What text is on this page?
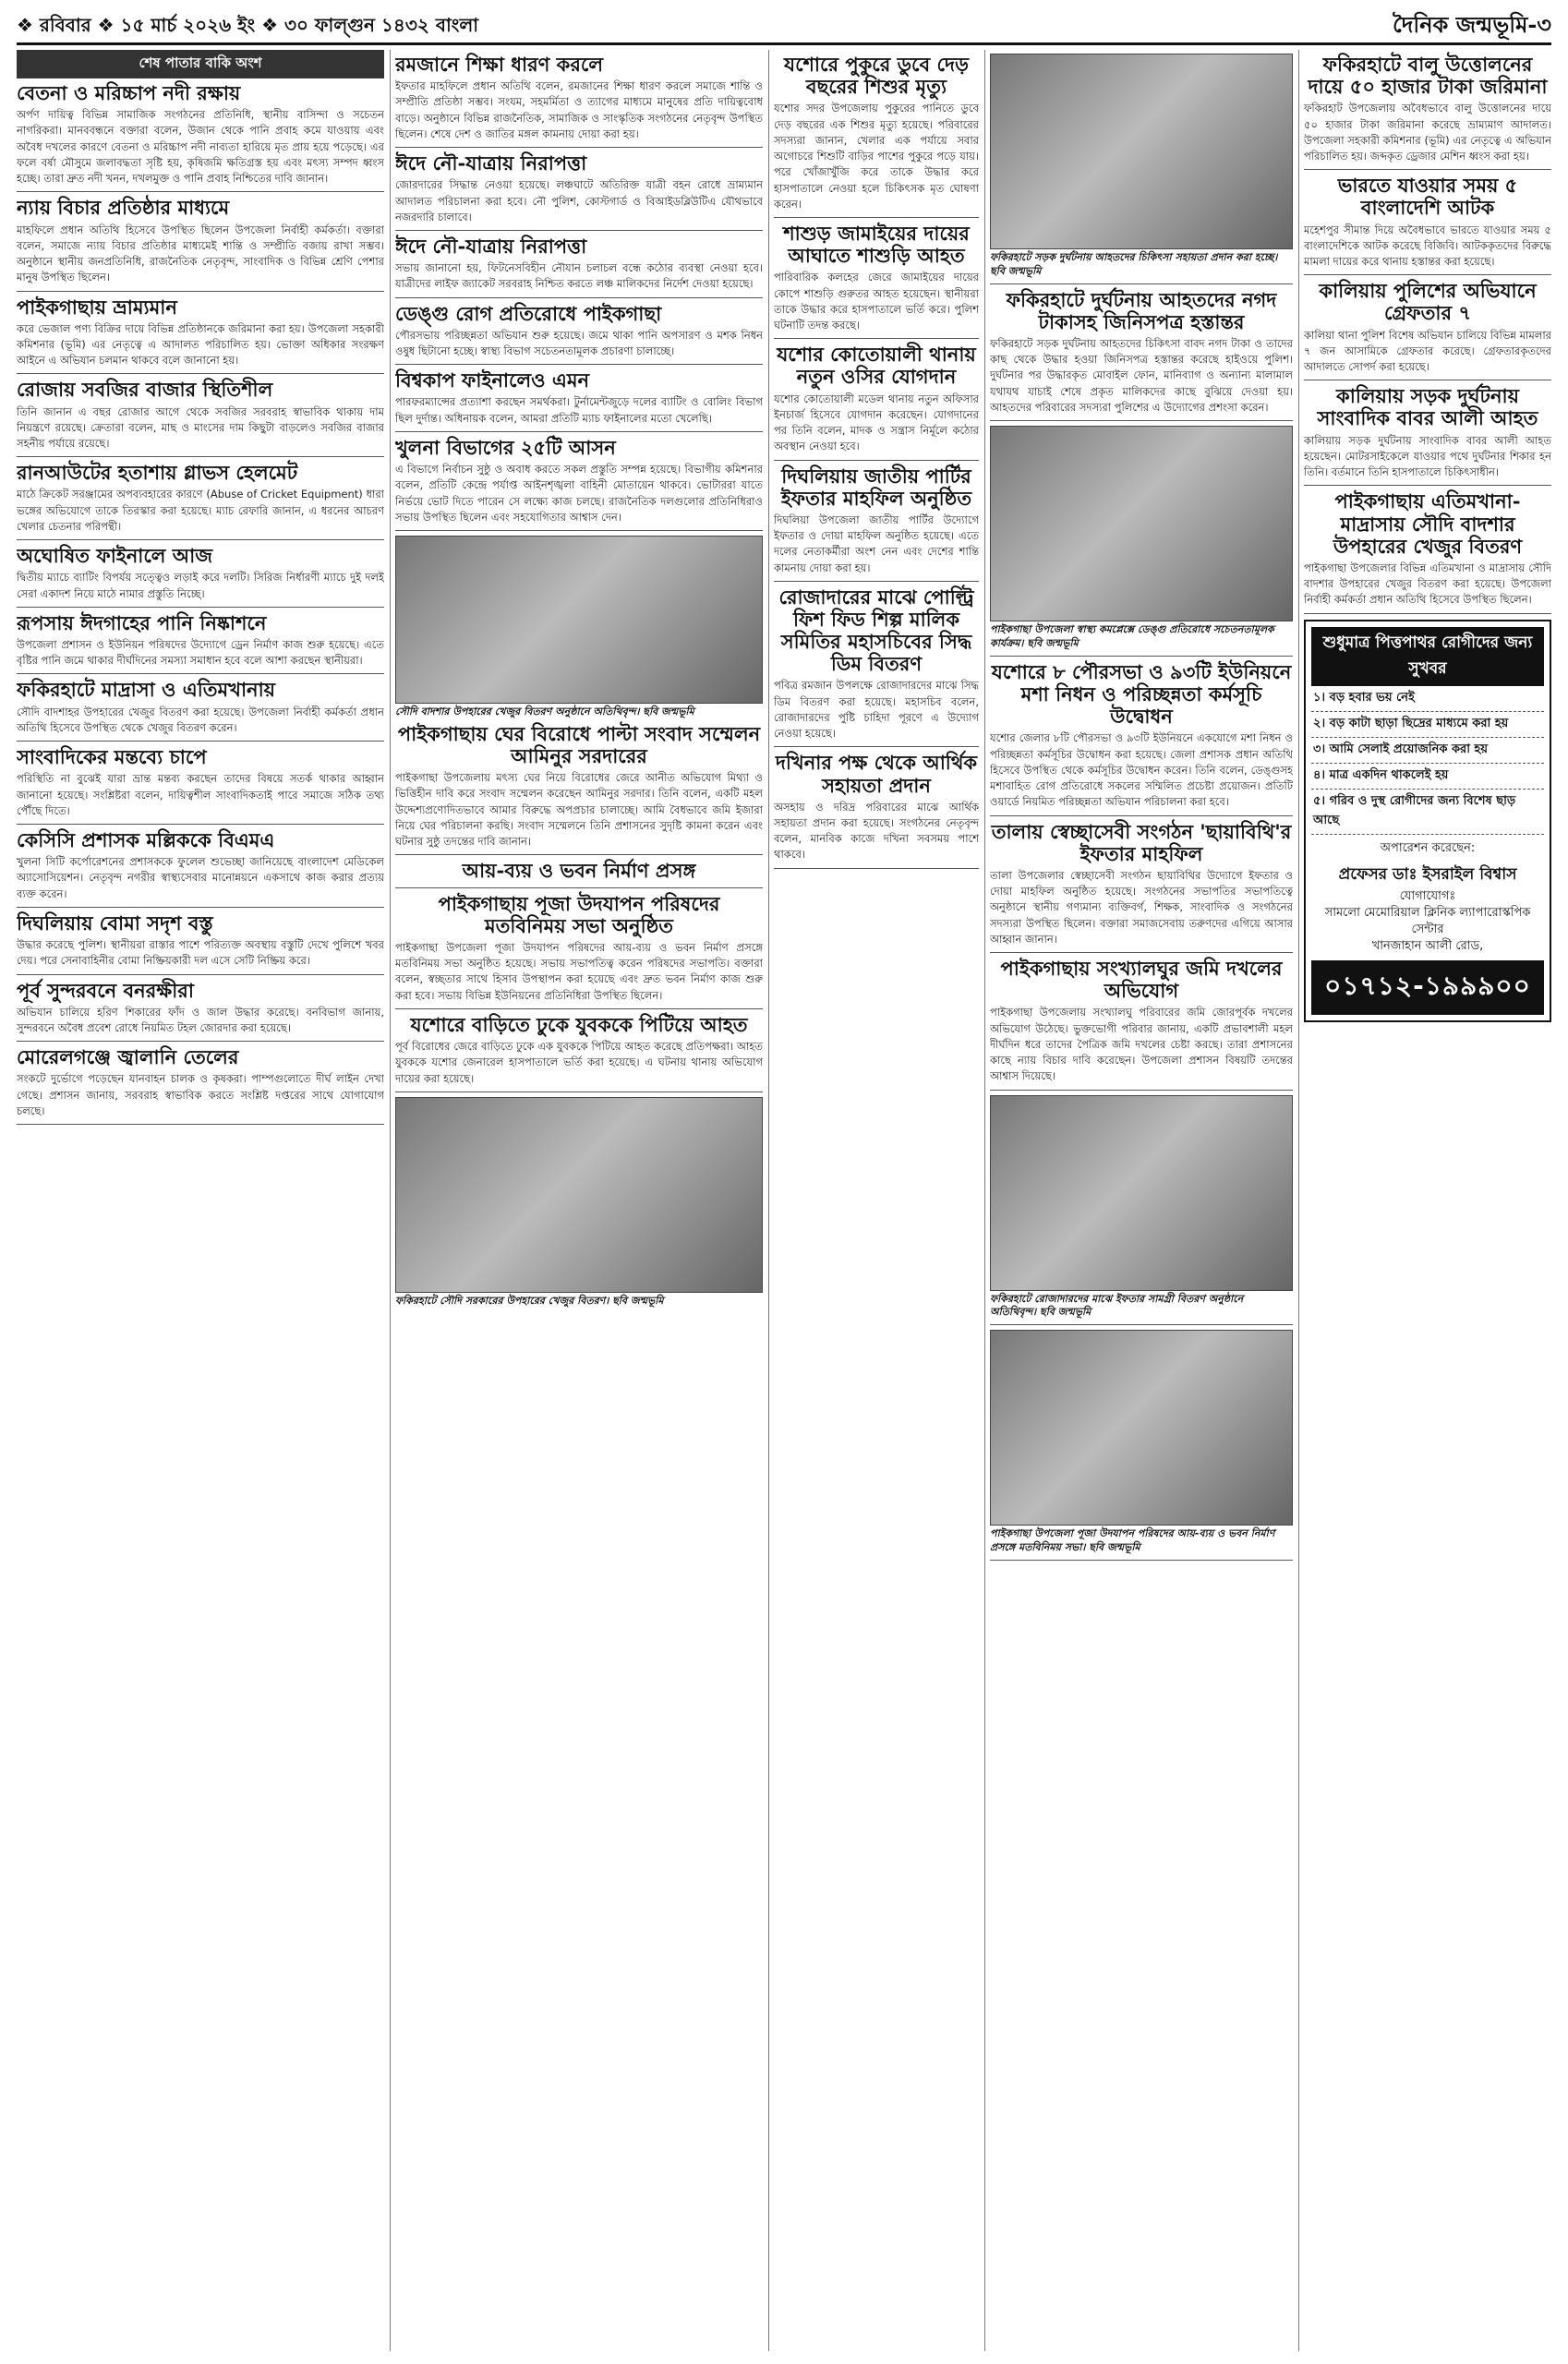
❖ রবিবার ❖ ১৫ মার্চ ২০২৬ ইং ❖ ৩০ ফাল্গুন ১৪৩২ বাংলা	দৈনিক জন্মভূমি-৩
শেষ পাতার বাকি অংশ
বেতনা ও মরিচ্চাপ নদী রক্ষায়

অর্পণ দায়িত্ব বিভিন্ন সামাজিক সংগঠনের প্রতিনিধি, স্থানীয় বাসিন্দা ও সচেতন নাগরিকরা। মানববন্ধনে বক্তারা বলেন, উজান থেকে পানি প্রবাহ কমে যাওয়ায় এবং অবৈধ দখলের কারণে বেতনা ও মরিচ্চাপ নদী নাব্যতা হারিয়ে মৃত প্রায় হয়ে পড়েছে। এর ফলে বর্ষা মৌসুমে জলাবদ্ধতা সৃষ্টি হয়, কৃষিজমি ক্ষতিগ্রস্ত হয় এবং মৎস্য সম্পদ ধ্বংস হচ্ছে। তারা দ্রুত নদী খনন, দখলমুক্ত ও পানি প্রবাহ নিশ্চিতের দাবি জানান।

ন্যায় বিচার প্রতিষ্ঠার মাধ্যমে

মাহফিলে প্রধান অতিথি হিসেবে উপস্থিত ছিলেন উপজেলা নির্বাহী কর্মকর্তা। বক্তারা বলেন, সমাজে ন্যায় বিচার প্রতিষ্ঠার মাধ্যমেই শান্তি ও সম্প্রীতি বজায় রাখা সম্ভব। অনুষ্ঠানে স্থানীয় জনপ্রতিনিধি, রাজনৈতিক নেতৃবৃন্দ, সাংবাদিক ও বিভিন্ন শ্রেণি পেশার মানুষ উপস্থিত ছিলেন।

পাইকগাছায় ভ্রাম্যমান

করে ভেজাল পণ্য বিক্রির দায়ে বিভিন্ন প্রতিষ্ঠানকে জরিমানা করা হয়। উপজেলা সহকারী কমিশনার (ভূমি) এর নেতৃত্বে এ আদালত পরিচালিত হয়। ভোক্তা অধিকার সংরক্ষণ আইনে এ অভিযান চলমান থাকবে বলে জানানো হয়।

রোজায় সবজির বাজার স্থিতিশীল

তিনি জানান এ বছর রোজার আগে থেকে সবজির সরবরাহ স্বাভাবিক থাকায় দাম নিয়ন্ত্রণে রয়েছে। ক্রেতারা বলেন, মাছ ও মাংসের দাম কিছুটা বাড়লেও সবজির বাজার সহনীয় পর্যায়ে রয়েছে।

রানআউটের হতাশায় গ্লাভস হেলমেট

মাঠে ক্রিকেট সরঞ্জামের অপব্যবহারের কারণে (Abuse of Cricket Equipment) ধারা ভঙ্গের অভিযোগে তাকে তিরস্কার করা হয়েছে। ম্যাচ রেফারি জানান, এ ধরনের আচরণ খেলার চেতনার পরিপন্থী।

অঘোষিত ফাইনালে আজ

দ্বিতীয় ম্যাচে ব্যাটিং বিপর্যয় সত্ত্বেও লড়াই করে দলটি। সিরিজ নির্ধারণী ম্যাচে দুই দলই সেরা একাদশ নিয়ে মাঠে নামার প্রস্তুতি নিচ্ছে।

রূপসায় ঈদগাহের পানি নিষ্কাশনে

উপজেলা প্রশাসন ও ইউনিয়ন পরিষদের উদ্যোগে ড্রেন নির্মাণ কাজ শুরু হয়েছে। এতে বৃষ্টির পানি জমে থাকার দীর্ঘদিনের সমস্যা সমাধান হবে বলে আশা করছেন স্থানীয়রা।

ফকিরহাটে মাদ্রাসা ও এতিমখানায়

সৌদি বাদশাহর উপহারের খেজুর বিতরণ করা হয়েছে। উপজেলা নির্বাহী কর্মকর্তা প্রধান অতিথি হিসেবে উপস্থিত থেকে খেজুর বিতরণ করেন।

সাংবাদিকের মন্তব্যে চাপে

পরিস্থিতি না বুঝেই যারা ভ্রান্ত মন্তব্য করছেন তাদের বিষয়ে সতর্ক থাকার আহ্বান জানানো হয়েছে। সংশ্লিষ্টরা বলেন, দায়িত্বশীল সাংবাদিকতাই পারে সমাজে সঠিক তথ্য পৌঁছে দিতে।

কেসিসি প্রশাসক মল্লিককে বিএমএ

খুলনা সিটি কর্পোরেশনের প্রশাসককে ফুলেল শুভেচ্ছা জানিয়েছে বাংলাদেশ মেডিকেল অ্যাসোসিয়েশন। নেতৃবৃন্দ নগরীর স্বাস্থ্যসেবার মানোন্নয়নে একসাথে কাজ করার প্রত্যয় ব্যক্ত করেন।

দিঘলিয়ায় বোমা সদৃশ বস্তু

উদ্ধার করেছে পুলিশ। স্থানীয়রা রাস্তার পাশে পরিত্যক্ত অবস্থায় বস্তুটি দেখে পুলিশে খবর দেয়। পরে সেনাবাহিনীর বোমা নিষ্ক্রিয়কারী দল এসে সেটি নিষ্ক্রিয় করে।

পূর্ব সুন্দরবনে বনরক্ষীরা

অভিযান চালিয়ে হরিণ শিকারের ফাঁদ ও জাল উদ্ধার করেছে। বনবিভাগ জানায়, সুন্দরবনে অবৈধ প্রবেশ রোধে নিয়মিত টহল জোরদার করা হয়েছে।

মোরেলগঞ্জে জ্বালানি তেলের

সংকটে দুর্ভোগে পড়েছেন যানবাহন চালক ও কৃষকরা। পাম্পগুলোতে দীর্ঘ লাইন দেখা গেছে। প্রশাসন জানায়, সরবরাহ স্বাভাবিক করতে সংশ্লিষ্ট দপ্তরের সাথে যোগাযোগ চলছে।

রমজানে শিক্ষা ধারণ করলে

ইফতার মাহফিলে প্রধান অতিথি বলেন, রমজানের শিক্ষা ধারণ করলে সমাজে শান্তি ও সম্প্রীতি প্রতিষ্ঠা সম্ভব। সংযম, সহমর্মিতা ও ত্যাগের মাধ্যমে মানুষের প্রতি দায়িত্ববোধ বাড়ে। অনুষ্ঠানে বিভিন্ন রাজনৈতিক, সামাজিক ও সাংস্কৃতিক সংগঠনের নেতৃবৃন্দ উপস্থিত ছিলেন। শেষে দেশ ও জাতির মঙ্গল কামনায় দোয়া করা হয়।

ঈদে নৌ-যাত্রায় নিরাপত্তা

জোরদারের সিদ্ধান্ত নেওয়া হয়েছে। লঞ্চঘাটে অতিরিক্ত যাত্রী বহন রোধে ভ্রাম্যমান আদালত পরিচালনা করা হবে। নৌ পুলিশ, কোস্টগার্ড ও বিআইডব্লিউটিএ যৌথভাবে নজরদারি চালাবে।

ঈদে নৌ-যাত্রায় নিরাপত্তা

সভায় জানানো হয়, ফিটনেসবিহীন নৌযান চলাচল বন্ধে কঠোর ব্যবস্থা নেওয়া হবে। যাত্রীদের লাইফ জ্যাকেট সরবরাহ নিশ্চিত করতে লঞ্চ মালিকদের নির্দেশ দেওয়া হয়েছে।

ডেঙ্গু রোগ প্রতিরোধে পাইকগাছা

পৌরসভায় পরিচ্ছন্নতা অভিযান শুরু হয়েছে। জমে থাকা পানি অপসারণ ও মশক নিধন ওষুধ ছিটানো হচ্ছে। স্বাস্থ্য বিভাগ সচেতনতামূলক প্রচারণা চালাচ্ছে।

বিশ্বকাপ ফাইনালেও এমন

পারফরম্যান্সের প্রত্যাশা করছেন সমর্থকরা। টুর্নামেন্টজুড়ে দলের ব্যাটিং ও বোলিং বিভাগ ছিল দুর্দান্ত। অধিনায়ক বলেন, আমরা প্রতিটি ম্যাচ ফাইনালের মতো খেলেছি।

খুলনা বিভাগের ২৫টি আসন

এ বিভাগে নির্বাচন সুষ্ঠু ও অবাধ করতে সকল প্রস্তুতি সম্পন্ন হয়েছে। বিভাগীয় কমিশনার বলেন, প্রতিটি কেন্দ্রে পর্যাপ্ত আইনশৃঙ্খলা বাহিনী মোতায়েন থাকবে। ভোটাররা যাতে নির্ভয়ে ভোট দিতে পারেন সে লক্ষ্যে কাজ চলছে। রাজনৈতিক দলগুলোর প্রতিনিধিরাও সভায় উপস্থিত ছিলেন এবং সহযোগিতার আশ্বাস দেন।

সৌদি বাদশার উপহারের খেজুর বিতরণ অনুষ্ঠানে অতিথিবৃন্দ। ছবি জন্মভূমি
পাইকগাছায় ঘের বিরোধে পাল্টা সংবাদ সম্মেলন আমিনুর সরদারের

পাইকগাছা উপজেলায় মৎস্য ঘের নিয়ে বিরোধের জেরে আনীত অভিযোগ মিথ্যা ও ভিত্তিহীন দাবি করে সংবাদ সম্মেলন করেছেন আমিনুর সরদার। তিনি বলেন, একটি মহল উদ্দেশ্যপ্রণোদিতভাবে আমার বিরুদ্ধে অপপ্রচার চালাচ্ছে। আমি বৈধভাবে জমি ইজারা নিয়ে ঘের পরিচালনা করছি। সংবাদ সম্মেলনে তিনি প্রশাসনের সুদৃষ্টি কামনা করেন এবং ঘটনার সুষ্ঠু তদন্তের দাবি জানান।

আয়-ব্যয় ও ভবন নির্মাণ প্রসঙ্গ
পাইকগাছায় পূজা উদযাপন পরিষদের মতবিনিময় সভা অনুষ্ঠিত

পাইকগাছা উপজেলা পূজা উদযাপন পরিষদের আয়-ব্যয় ও ভবন নির্মাণ প্রসঙ্গে মতবিনিময় সভা অনুষ্ঠিত হয়েছে। সভায় সভাপতিত্ব করেন পরিষদের সভাপতি। বক্তারা বলেন, স্বচ্ছতার সাথে হিসাব উপস্থাপন করা হয়েছে এবং দ্রুত ভবন নির্মাণ কাজ শুরু করা হবে। সভায় বিভিন্ন ইউনিয়নের প্রতিনিধিরা উপস্থিত ছিলেন।

যশোরে বাড়িতে ঢুকে যুবককে পিটিয়ে আহত

পূর্ব বিরোধের জেরে বাড়িতে ঢুকে এক যুবককে পিটিয়ে আহত করেছে প্রতিপক্ষরা। আহত যুবককে যশোর জেনারেল হাসপাতালে ভর্তি করা হয়েছে। এ ঘটনায় থানায় অভিযোগ দায়ের করা হয়েছে।

ফকিরহাটে সৌদি সরকারের উপহারের খেজুর বিতরণ। ছবি জন্মভূমি
যশোরে পুকুরে ডুবে দেড় বছরের শিশুর মৃত্যু

যশোর সদর উপজেলায় পুকুরের পানিতে ডুবে দেড় বছরের এক শিশুর মৃত্যু হয়েছে। পরিবারের সদস্যরা জানান, খেলার এক পর্যায়ে সবার অগোচরে শিশুটি বাড়ির পাশের পুকুরে পড়ে যায়। পরে খোঁজাখুঁজি করে তাকে উদ্ধার করে হাসপাতালে নেওয়া হলে চিকিৎসক মৃত ঘোষণা করেন।

শাশুড় জামাইয়ের দায়ের আঘাতে শাশুড়ি আহত

পারিবারিক কলহের জেরে জামাইয়ের দায়ের কোপে শাশুড়ি গুরুতর আহত হয়েছেন। স্থানীয়রা তাকে উদ্ধার করে হাসপাতালে ভর্তি করে। পুলিশ ঘটনাটি তদন্ত করছে।

যশোর কোতোয়ালী থানায় নতুন ওসির যোগদান

যশোর কোতোয়ালী মডেল থানায় নতুন অফিসার ইনচার্জ হিসেবে যোগদান করেছেন। যোগদানের পর তিনি বলেন, মাদক ও সন্ত্রাস নির্মূলে কঠোর অবস্থান নেওয়া হবে।

দিঘলিয়ায় জাতীয় পার্টির ইফতার মাহফিল অনুষ্ঠিত

দিঘলিয়া উপজেলা জাতীয় পার্টির উদ্যোগে ইফতার ও দোয়া মাহফিল অনুষ্ঠিত হয়েছে। এতে দলের নেতাকর্মীরা অংশ নেন এবং দেশের শান্তি কামনায় দোয়া করা হয়।

রোজাদারের মাঝে পোল্ট্রি ফিশ ফিড শিল্প মালিক সমিতির মহাসচিবের সিদ্ধ ডিম বিতরণ

পবিত্র রমজান উপলক্ষে রোজাদারদের মাঝে সিদ্ধ ডিম বিতরণ করা হয়েছে। মহাসচিব বলেন, রোজাদারদের পুষ্টি চাহিদা পূরণে এ উদ্যোগ নেওয়া হয়েছে।

দখিনার পক্ষ থেকে আর্থিক সহায়তা প্রদান

অসহায় ও দরিদ্র পরিবারের মাঝে আর্থিক সহায়তা প্রদান করা হয়েছে। সংগঠনের নেতৃবৃন্দ বলেন, মানবিক কাজে দখিনা সবসময় পাশে থাকবে।

ফকিরহাটে সড়ক দুর্ঘটনায় আহতদের চিকিৎসা সহায়তা প্রদান করা হচ্ছে। ছবি জন্মভূমি
ফকিরহাটে দুর্ঘটনায় আহতদের নগদ টাকাসহ জিনিসপত্র হস্তান্তর

ফকিরহাটে সড়ক দুর্ঘটনায় আহতদের চিকিৎসা বাবদ নগদ টাকা ও তাদের কাছ থেকে উদ্ধার হওয়া জিনিসপত্র হস্তান্তর করেছে হাইওয়ে পুলিশ। দুর্ঘটনার পর উদ্ধারকৃত মোবাইল ফোন, মানিব্যাগ ও অন্যান্য মালামাল যথাযথ যাচাই শেষে প্রকৃত মালিকদের কাছে বুঝিয়ে দেওয়া হয়। আহতদের পরিবারের সদস্যরা পুলিশের এ উদ্যোগের প্রশংসা করেন।

পাইকগাছা উপজেলা স্বাস্থ্য কমপ্লেক্সে ডেঙ্গু প্রতিরোধে সচেতনতামূলক কার্যক্রম। ছবি জন্মভূমি
যশোরে ৮ পৌরসভা ও ৯৩টি ইউনিয়নে মশা নিধন ও পরিচ্ছন্নতা কর্মসূচি উদ্বোধন

যশোর জেলার ৮টি পৌরসভা ও ৯৩টি ইউনিয়নে একযোগে মশা নিধন ও পরিচ্ছন্নতা কর্মসূচির উদ্বোধন করা হয়েছে। জেলা প্রশাসক প্রধান অতিথি হিসেবে উপস্থিত থেকে কর্মসূচির উদ্বোধন করেন। তিনি বলেন, ডেঙ্গুসহ মশাবাহিত রোগ প্রতিরোধে সকলের সম্মিলিত প্রচেষ্টা প্রয়োজন। প্রতিটি ওয়ার্ডে নিয়মিত পরিচ্ছন্নতা অভিযান পরিচালনা করা হবে।

তালায় স্বেচ্ছাসেবী সংগঠন 'ছায়াবিথি'র ইফতার মাহফিল

তালা উপজেলার স্বেচ্ছাসেবী সংগঠন ছায়াবিথির উদ্যোগে ইফতার ও দোয়া মাহফিল অনুষ্ঠিত হয়েছে। সংগঠনের সভাপতির সভাপতিত্বে অনুষ্ঠানে স্থানীয় গণ্যমান্য ব্যক্তিবর্গ, শিক্ষক, সাংবাদিক ও সংগঠনের সদস্যরা উপস্থিত ছিলেন। বক্তারা সমাজসেবায় তরুণদের এগিয়ে আসার আহ্বান জানান।

পাইকগাছায় সংখ্যালঘুর জমি দখলের অভিযোগ

পাইকগাছা উপজেলায় সংখ্যালঘু পরিবারের জমি জোরপূর্বক দখলের অভিযোগ উঠেছে। ভুক্তভোগী পরিবার জানায়, একটি প্রভাবশালী মহল দীর্ঘদিন ধরে তাদের পৈত্রিক জমি দখলের চেষ্টা করছে। তারা প্রশাসনের কাছে ন্যায় বিচার দাবি করেছেন। উপজেলা প্রশাসন বিষয়টি তদন্তের আশ্বাস দিয়েছে।

ফকিরহাটে রোজাদারদের মাঝে ইফতার সামগ্রী বিতরণ অনুষ্ঠানে অতিথিবৃন্দ। ছবি জন্মভূমি
পাইকগাছা উপজেলা পূজা উদযাপন পরিষদের আয়-ব্যয় ও ভবন নির্মাণ প্রসঙ্গে মতবিনিময় সভা। ছবি জন্মভূমি
ফকিরহাটে বালু উত্তোলনের দায়ে ৫০ হাজার টাকা জরিমানা

ফকিরহাট উপজেলায় অবৈধভাবে বালু উত্তোলনের দায়ে ৫০ হাজার টাকা জরিমানা করেছে ভ্রাম্যমাণ আদালত। উপজেলা সহকারী কমিশনার (ভূমি) এর নেতৃত্বে এ অভিযান পরিচালিত হয়। জব্দকৃত ড্রেজার মেশিন ধ্বংস করা হয়।

ভারতে যাওয়ার সময় ৫ বাংলাদেশি আটক

মহেশপুর সীমান্ত দিয়ে অবৈধভাবে ভারতে যাওয়ার সময় ৫ বাংলাদেশিকে আটক করেছে বিজিবি। আটককৃতদের বিরুদ্ধে মামলা দায়ের করে থানায় হস্তান্তর করা হয়েছে।

কালিয়ায় পুলিশের অভিযানে গ্রেফতার ৭

কালিয়া থানা পুলিশ বিশেষ অভিযান চালিয়ে বিভিন্ন মামলার ৭ জন আসামিকে গ্রেফতার করেছে। গ্রেফতারকৃতদের আদালতে সোপর্দ করা হয়েছে।

কালিয়ায় সড়ক দুর্ঘটনায় সাংবাদিক বাবর আলী আহত

কালিয়ায় সড়ক দুর্ঘটনায় সাংবাদিক বাবর আলী আহত হয়েছেন। মোটরসাইকেলে যাওয়ার পথে দুর্ঘটনার শিকার হন তিনি। বর্তমানে তিনি হাসপাতালে চিকিৎসাধীন।

পাইকগাছায় এতিমখানা-মাদ্রাসায় সৌদি বাদশার উপহারের খেজুর বিতরণ

পাইকগাছা উপজেলার বিভিন্ন এতিমখানা ও মাদ্রাসায় সৌদি বাদশার উপহারের খেজুর বিতরণ করা হয়েছে। উপজেলা নির্বাহী কর্মকর্তা প্রধান অতিথি হিসেবে উপস্থিত ছিলেন।

শুধুমাত্র পিত্তপাথর রোগীদের জন্য সুখবর
১। বড় হবার ভয় নেই
২। বড় কাটা ছাড়া ছিদ্রের মাধ্যমে করা হয়
৩। আমি সেলাই প্রয়োজনিক করা হয়
৪। মাত্র একদিন থাকলেই হয়
৫। গরিব ও দুস্থ রোগীদের জন্য বিশেষ ছাড় আছে
অপারেশন করেছেন:
প্রফেসর ডাঃ ইসরাইল বিশ্বাস
যোগাযোগঃ
সামলো মেমোরিয়াল ক্লিনিক ল্যাপারোস্কপিক সেন্টার
খানজাহান আলী রোড,
০১৭১২-১৯৯৯০০
